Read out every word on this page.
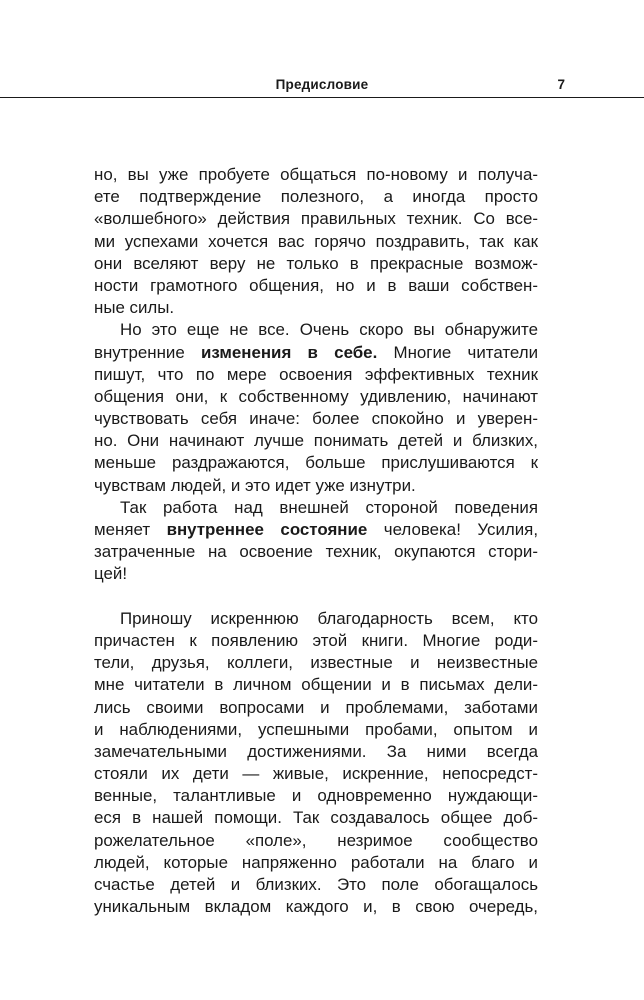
Предисловие	7
но, вы уже пробуете общаться по-новому и получа-
ете подтверждение полезного, а иногда просто
«волшебного» действия правильных техник. Со все-
ми успехами хочется вас горячо поздравить, так как
они вселяют веру не только в прекрасные возмож-
ности грамотного общения, но и в ваши собствен-
ные силы.
Но это еще не все. Очень скоро вы обнаружите
внутренние изменения в себе. Многие читатели
пишут, что по мере освоения эффективных техник
общения они, к собственному удивлению, начинают
чувствовать себя иначе: более спокойно и уверен-
но. Они начинают лучше понимать детей и близких,
меньше раздражаются, больше прислушиваются к
чувствам людей, и это идет уже изнутри.
Так работа над внешней стороной поведения
меняет внутреннее состояние человека! Усилия,
затраченные на освоение техник, окупаются стори-
цей!
Приношу искреннюю благодарность всем, кто
причастен к появлению этой книги. Многие роди-
тели, друзья, коллеги, известные и неизвестные
мне читатели в личном общении и в письмах дели-
лись своими вопросами и проблемами, заботами
и наблюдениями, успешными пробами, опытом и
замечательными достижениями. За ними всегда
стояли их дети — живые, искренние, непосредст-
венные, талантливые и одновременно нуждающи-
еся в нашей помощи. Так создавалось общее доб-
рожелательное «поле», незримое сообщество
людей, которые напряженно работали на благо и
счастье детей и близких. Это поле обогащалось
уникальным вкладом каждого и, в свою очередь,
